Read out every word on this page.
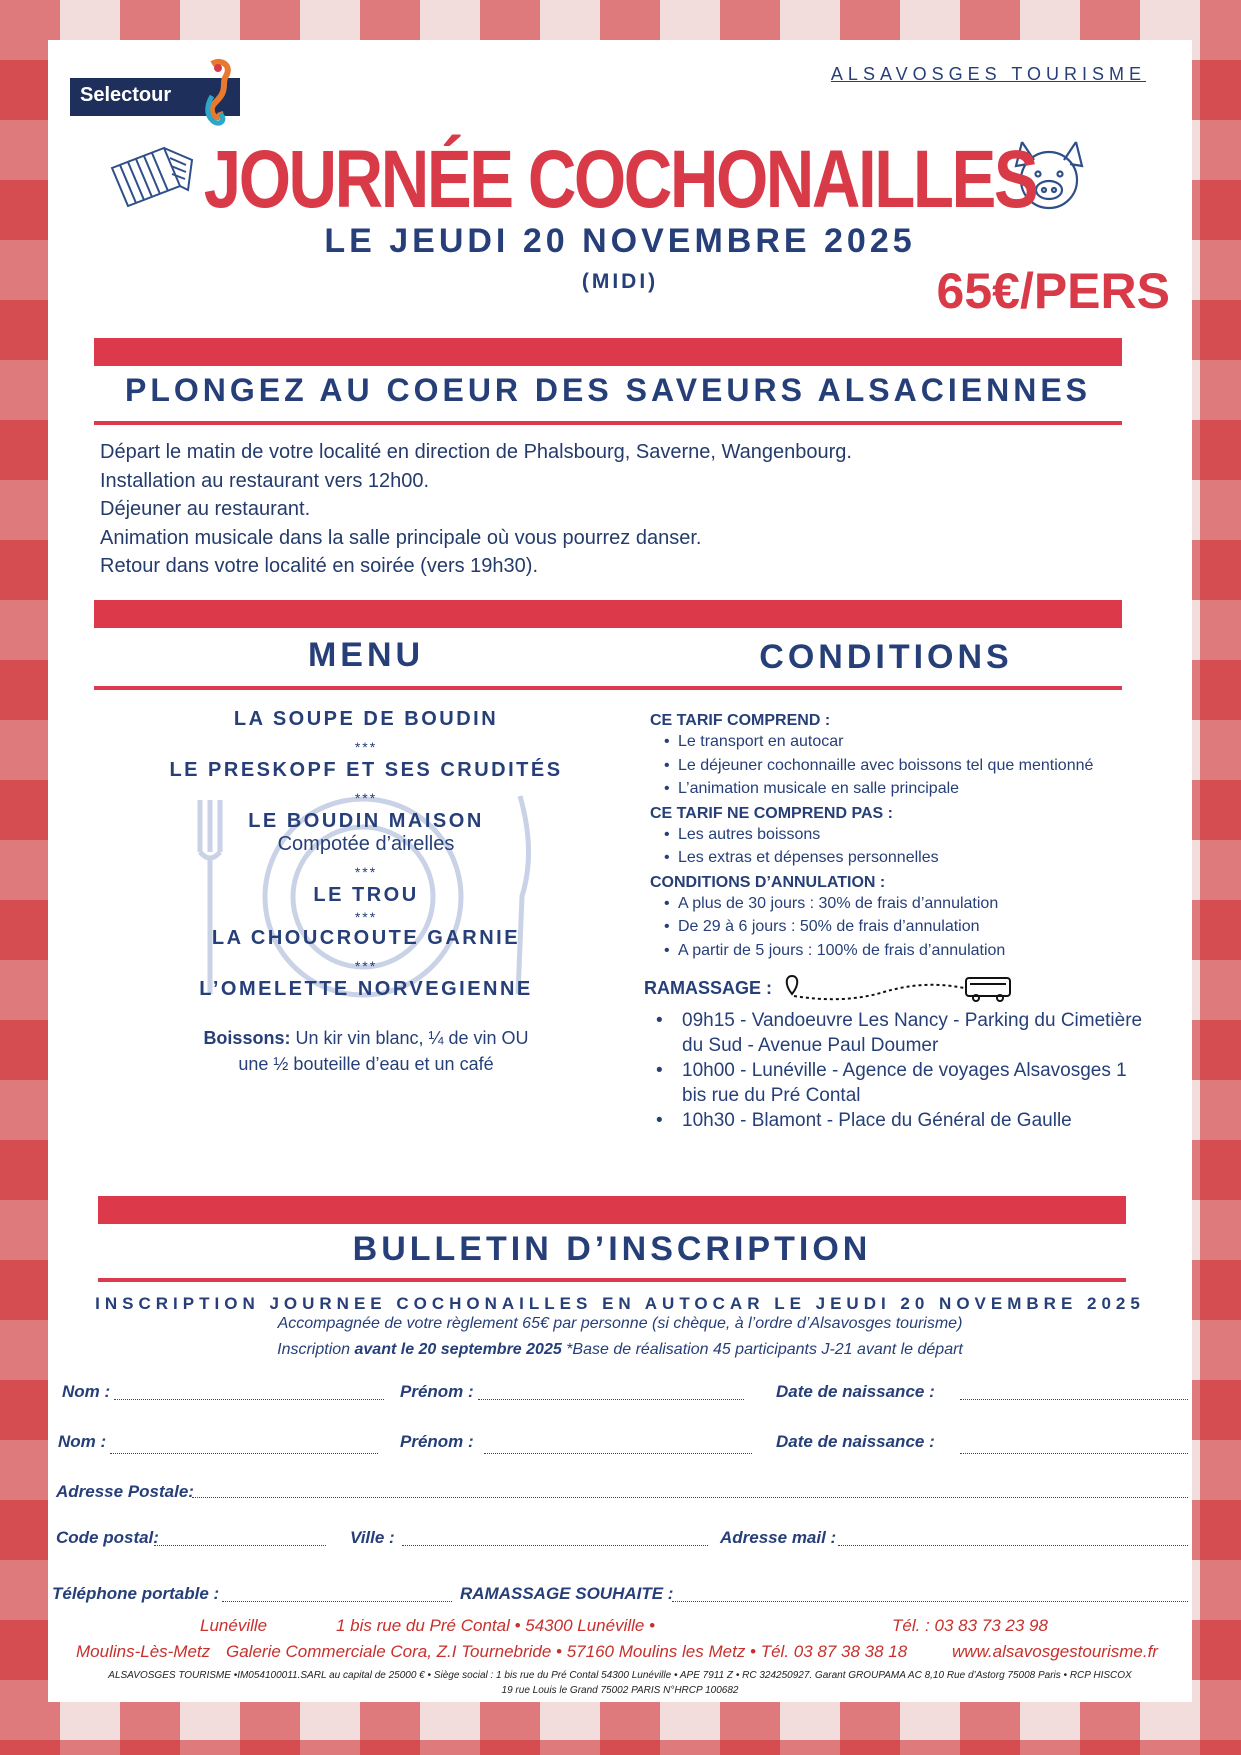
Selectour
ALSAVOSGES TOURISME
JOURNÉE COCHONAILLES
LE JEUDI 20 NOVEMBRE 2025
(MIDI)	65€/PERS
PLONGEZ AU COEUR DES SAVEURS ALSACIENNES
Départ le matin de votre localité en direction de Phalsbourg, Saverne, Wangenbourg.
Installation au restaurant vers 12h00.
Déjeuner au restaurant.
Animation musicale dans la salle principale où vous pourrez danser.
Retour dans votre localité en soirée (vers 19h30).
MENU	CONDITIONS
LA SOUPE DE BOUDIN
***
LE PRESKOPF ET SES CRUDITÉS
***
LE BOUDIN MAISON
Compotée d’airelles
***
LE TROU
***
LA CHOUCROUTE GARNIE
***
L’OMELETTE NORVEGIENNE
Boissons: Un kir vin blanc, ¼ de vin OU
une ½ bouteille d’eau et un café
CE TARIF COMPREND :
• Le transport en autocar
• Le déjeuner cochonnaille avec boissons tel que mentionné
• L’animation musicale en salle principale
CE TARIF NE COMPREND PAS :
• Les autres boissons
• Les extras et dépenses personnelles
CONDITIONS D’ANNULATION :
• A plus de 30 jours : 30% de frais d’annulation
• De 29 à 6 jours : 50% de frais d’annulation
• A partir de 5 jours : 100% de frais d’annulation
RAMASSAGE :
• 09h15 - Vandoeuvre Les Nancy - Parking du Cimetière du Sud - Avenue Paul Doumer
• 10h00 - Lunéville - Agence de voyages Alsavosges 1 bis rue du Pré Contal
• 10h30 - Blamont - Place du Général de Gaulle
BULLETIN D’INSCRIPTION
INSCRIPTION JOURNEE COCHONAILLES EN AUTOCAR LE JEUDI 20 NOVEMBRE 2025
Accompagnée de votre règlement 65€ par personne (si chèque, à l’ordre d’Alsavosges tourisme)
Inscription avant le 20 septembre 2025 *Base de réalisation 45 participants J-21 avant le départ
Nom :	Prénom :	Date de naissance :
Nom :	Prénom :	Date de naissance :
Adresse Postale:
Code postal:	Ville :	Adresse mail :
Téléphone portable :	RAMASSAGE SOUHAITE :
Lunéville	1 bis rue du Pré Contal • 54300 Lunéville •	Tél. : 03 83 73 23 98
Moulins-Lès-Metz Galerie Commerciale Cora, Z.I Tournebride • 57160 Moulins les Metz • Tél. 03 87 38 38 18	www.alsavosgestourisme.fr
ALSAVOSGES TOURISME •IM054100011.SARL au capital de 25000 € • Siège social : 1 bis rue du Pré Contal 54300 Lunéville • APE 7911 Z • RC 324250927. Garant GROUPAMA AC 8,10 Rue d’Astorg 75008 Paris • RCP HISCOX
19 rue Louis le Grand 75002 PARIS N°HRCP 100682
